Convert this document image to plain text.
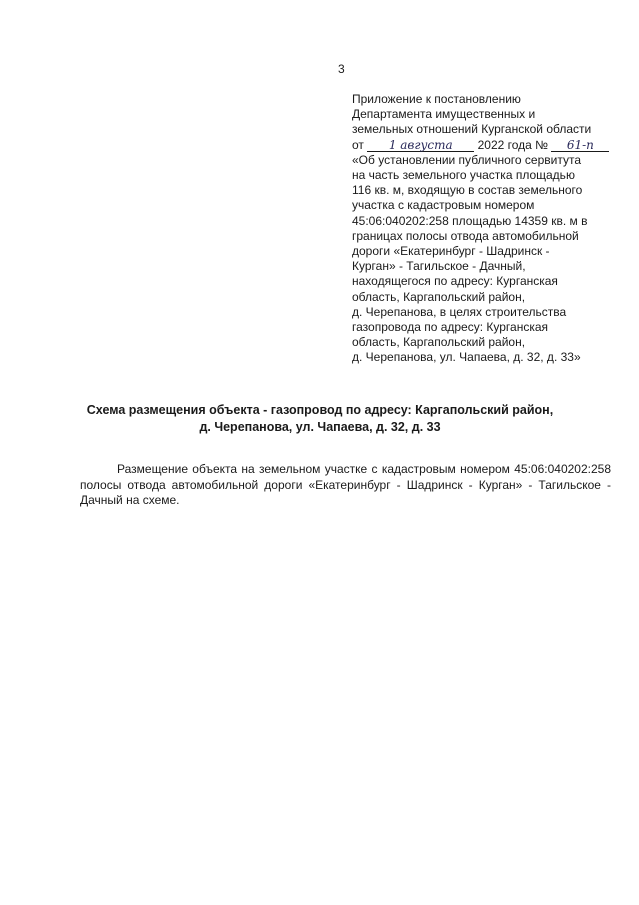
3
Приложение к постановлению
Департамента имущественных и
земельных отношений Курганской области
от 1 августа 2022 года № 61-п
«Об установлении публичного сервитута
на часть земельного участка площадью
116 кв. м, входящую в состав земельного
участка с кадастровым номером
45:06:040202:258 площадью 14359 кв. м в
границах полосы отвода автомобильной
дороги «Екатеринбург - Шадринск -
Курган» - Тагильское - Дачный,
находящегося по адресу: Курганская
область, Каргапольский район,
д. Черепанова, в целях строительства
газопровода по адресу: Курганская
область, Каргапольский район,
д. Черепанова, ул. Чапаева, д. 32, д. 33»
Схема размещения объекта - газопровод по адресу: Каргапольский район,
д. Черепанова, ул. Чапаева, д. 32, д. 33

Размещение объекта на земельном участке с кадастровым номером 45:06:040202:258 полосы отвода автомобильной дороги «Екатеринбург - Шадринск - Курган» - Тагильское - Дачный на схеме.
